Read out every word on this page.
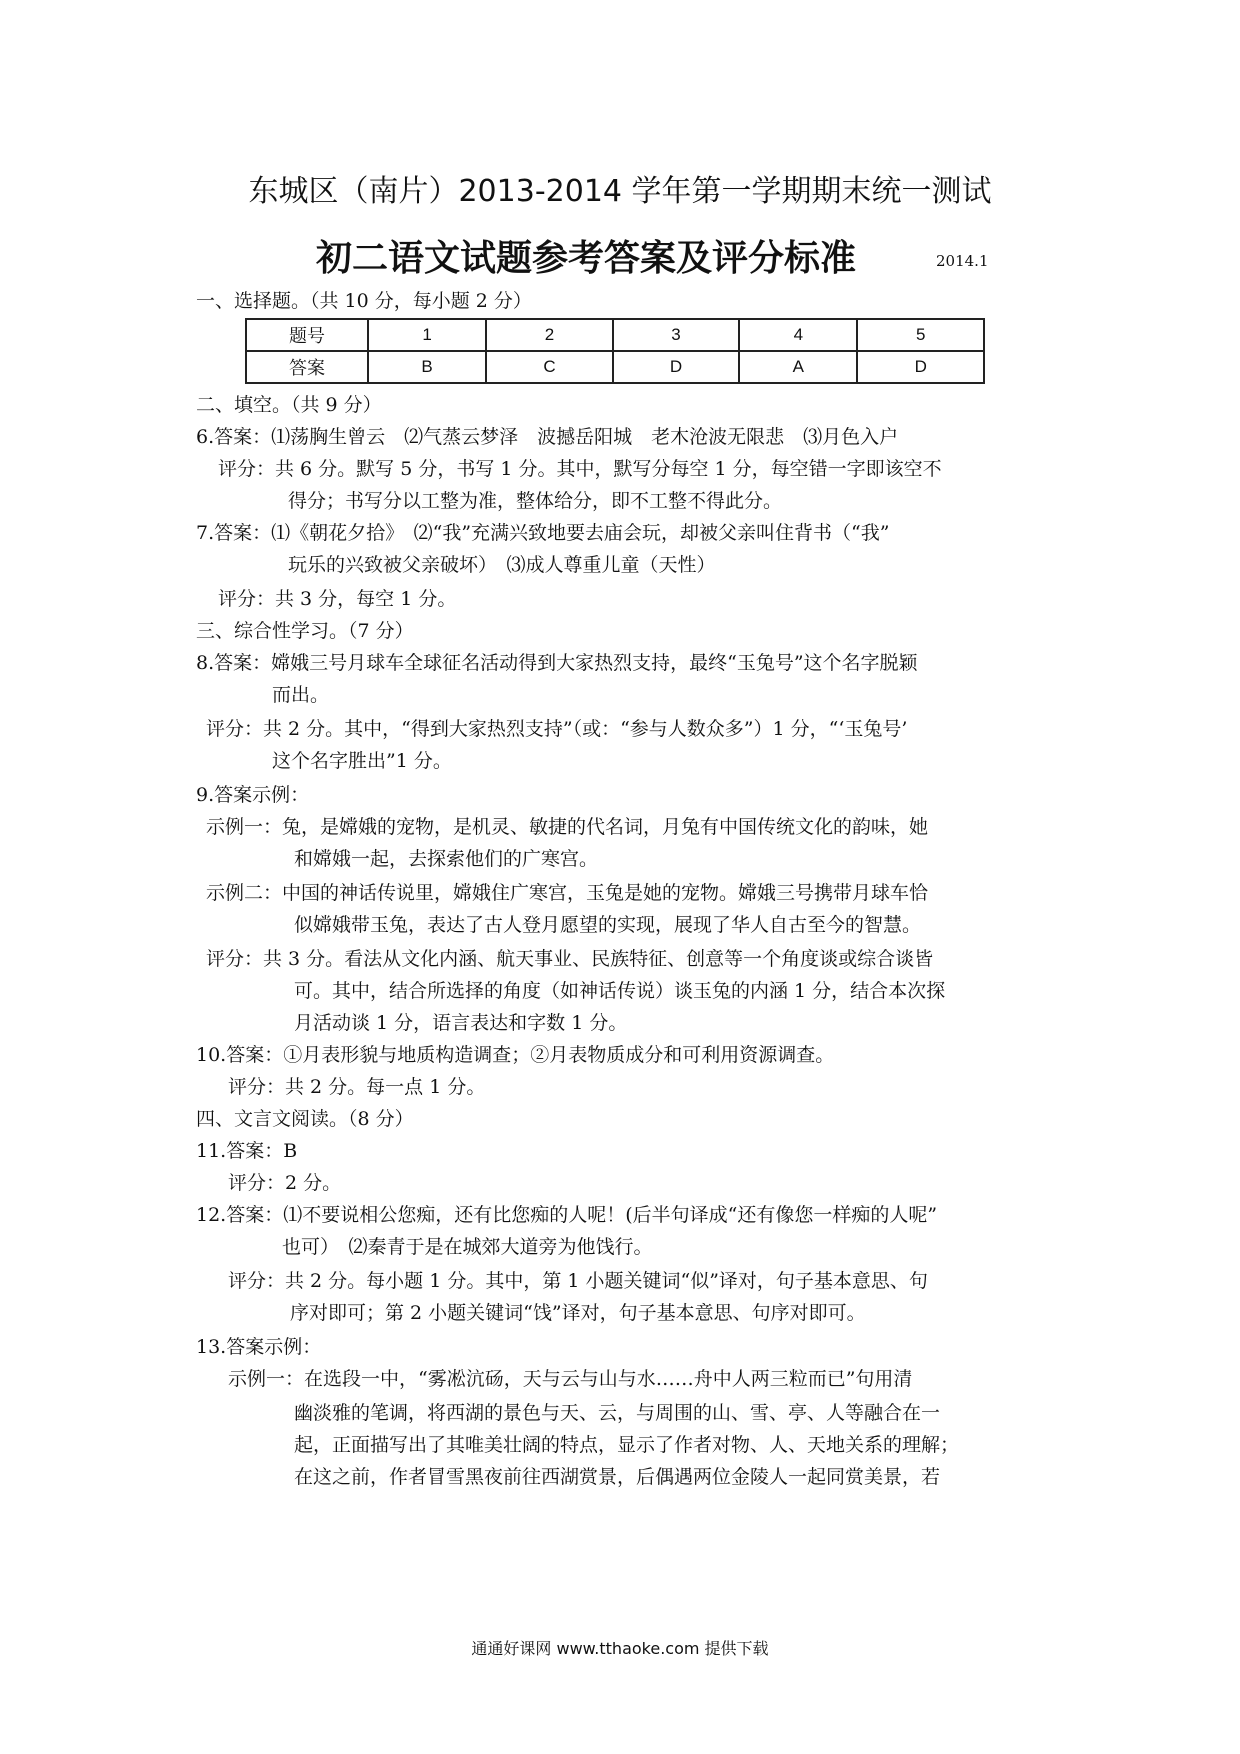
东城区（南片）2013-2014 学年第一学期期末统一测试
初二语文试题参考答案及评分标准	2014.1
一、选择题。（共 10 分，每小题 2 分）
题号	1	2	3	4	5
答案	B	C	D	A	D
二、填空。（共 9 分）
6.答案：⑴荡胸生曾云　⑵气蒸云梦泽　波撼岳阳城　老木沧波无限悲　⑶月色入户
评分：共 6 分。默写 5 分，书写 1 分。其中，默写分每空 1 分，每空错一字即该空不
得分；书写分以工整为准，整体给分，即不工整不得此分。
7.答案：⑴《朝花夕拾》　⑵“我”充满兴致地要去庙会玩，却被父亲叫住背书（“我”
玩乐的兴致被父亲破坏）　⑶成人尊重儿童（天性）
评分：共 3 分，每空 1 分。
三、综合性学习。（7 分）
8.答案：嫦娥三号月球车全球征名活动得到大家热烈支持，最终“玉兔号”这个名字脱颖
而出。
评分：共 2 分。其中，“得到大家热烈支持”（或：“参与人数众多”）1 分，“‘玉兔号’
这个名字胜出”1 分。
9.答案示例：
示例一：兔，是嫦娥的宠物，是机灵、敏捷的代名词，月兔有中国传统文化的韵味，她
和嫦娥一起，去探索他们的广寒宫。
示例二：中国的神话传说里，嫦娥住广寒宫，玉兔是她的宠物。嫦娥三号携带月球车恰
似嫦娥带玉兔，表达了古人登月愿望的实现，展现了华人自古至今的智慧。
评分：共 3 分。看法从文化内涵、航天事业、民族特征、创意等一个角度谈或综合谈皆
可。其中，结合所选择的角度（如神话传说）谈玉兔的内涵 1 分，结合本次探
月活动谈 1 分，语言表达和字数 1 分。
10.答案：①月表形貌与地质构造调查；②月表物质成分和可利用资源调查。
评分：共 2 分。每一点 1 分。
四、文言文阅读。（8 分）
11.答案：B
评分：2 分。
12.答案：⑴不要说相公您痴，还有比您痴的人呢！(后半句译成“还有像您一样痴的人呢”
也可）　⑵秦青于是在城郊大道旁为他饯行。
评分：共 2 分。每小题 1 分。其中，第 1 小题关键词“似”译对，句子基本意思、句
序对即可；第 2 小题关键词“饯”译对，句子基本意思、句序对即可。
13.答案示例：
示例一：在选段一中，“雾凇沆砀，天与云与山与水……舟中人两三粒而已”句用清
幽淡雅的笔调，将西湖的景色与天、云，与周围的山、雪、亭、人等融合在一
起，正面描写出了其唯美壮阔的特点，显示了作者对物、人、天地关系的理解；
在这之前，作者冒雪黑夜前往西湖赏景，后偶遇两位金陵人一起同赏美景，若
通通好课网 www.tthaoke.com 提供下载
